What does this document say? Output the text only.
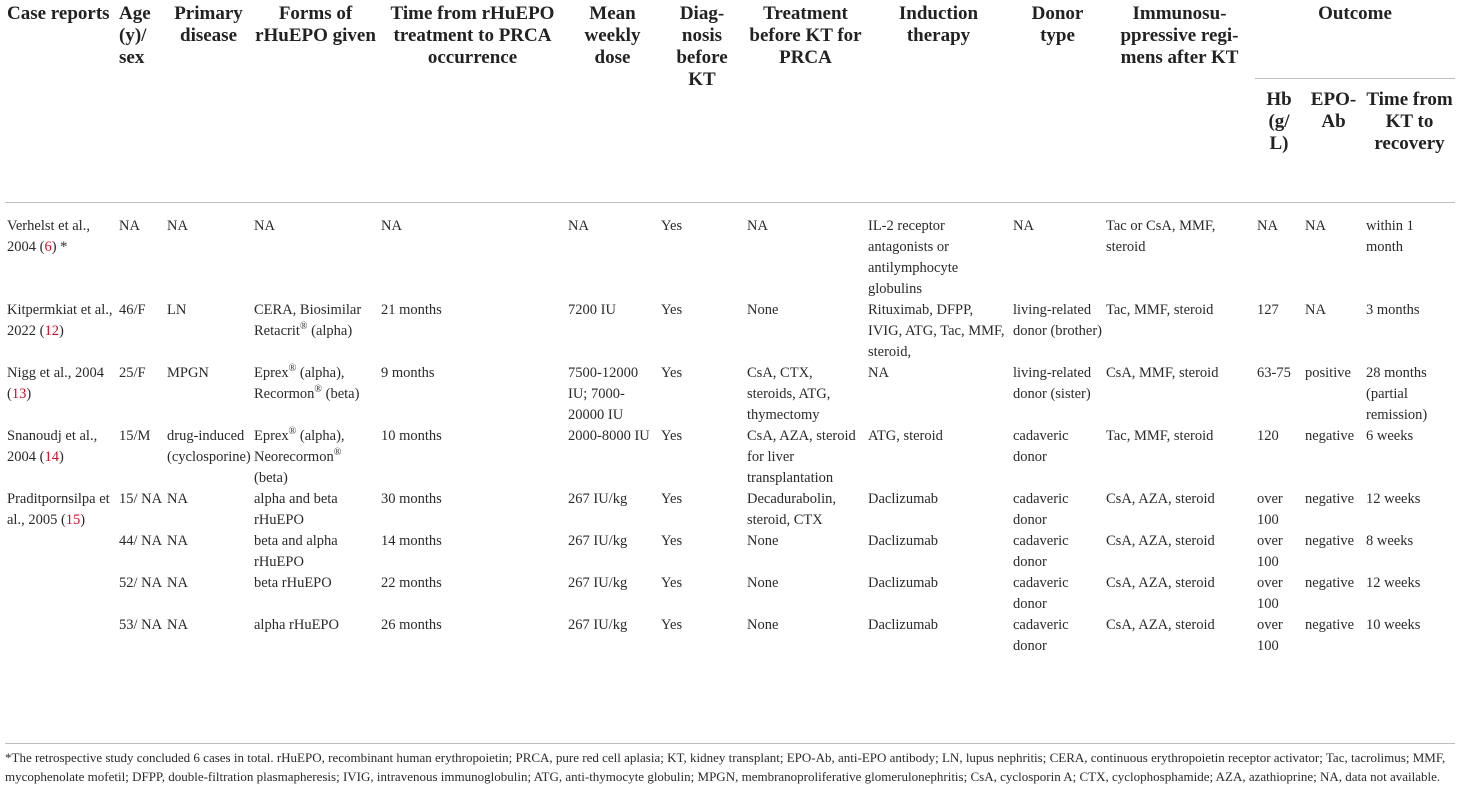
Case reports	Age (y)/ sex	Primary disease	Forms of rHuEPO given	Time from rHuEPO treatment to PRCA occurrence	Mean weekly dose	Diag-nosis before KT	Treatment before KT for PRCA	Induction therapy	Donor type	Immunosu-ppressive regi-mens after KT	Outcome		
											Hb (g/ L)	EPO-Ab	Time from KT to recovery
Verhelst et al., 2004 (6) *	NA	NA	NA	NA	NA	Yes	NA	IL-2 receptor antagonists or antilymphocyte globulins	NA	Tac or CsA, MMF, steroid	NA	NA	within 1 month
Kitpermkiat et al., 2022 (12)	46/F	LN	CERA, Biosimilar Retacrit® (alpha)	21 months	7200 IU	Yes	None	Rituximab, DFPP, IVIG, ATG, Tac, MMF, steroid,	living-related donor (brother)	Tac, MMF, steroid	127	NA	3 months
Nigg et al., 2004 (13)	25/F	MPGN	Eprex® (alpha), Recormon® (beta)	9 months	7500-12000 IU; 7000-20000 IU	Yes	CsA, CTX, steroids, ATG, thymectomy	NA	living-related donor (sister)	CsA, MMF, steroid	63-75	positive	28 months (partial remission)
Snanoudj et al., 2004 (14)	15/M	drug-induced (cyclosporine)	Eprex® (alpha), Neorecormon® (beta)	10 months	2000-8000 IU	Yes	CsA, AZA, steroid for liver transplantation	ATG, steroid	cadaveric donor	Tac, MMF, steroid	120	negative	6 weeks
Praditpornsilpa et al., 2005 (15)	15/ NA	NA	alpha and beta rHuEPO	30 months	267 IU/kg	Yes	Decadurabolin, steroid, CTX	Daclizumab	cadaveric donor	CsA, AZA, steroid	over 100	negative	12 weeks
	44/ NA	NA	beta and alpha rHuEPO	14 months	267 IU/kg	Yes	None	Daclizumab	cadaveric donor	CsA, AZA, steroid	over 100	negative	8 weeks
	52/ NA	NA	beta rHuEPO	22 months	267 IU/kg	Yes	None	Daclizumab	cadaveric donor	CsA, AZA, steroid	over 100	negative	12 weeks
	53/ NA	NA	alpha rHuEPO	26 months	267 IU/kg	Yes	None	Daclizumab	cadaveric donor	CsA, AZA, steroid	over 100	negative	10 weeks
*The retrospective study concluded 6 cases in total. rHuEPO, recombinant human erythropoietin; PRCA, pure red cell aplasia; KT, kidney transplant; EPO-Ab, anti-EPO antibody; LN, lupus nephritis; CERA, continuous erythropoietin receptor activator; Tac, tacrolimus; MMF, mycophenolate mofetil; DFPP, double-filtration plasmapheresis; IVIG, intravenous immunoglobulin; ATG, anti-thymocyte globulin; MPGN, membranoproliferative glomerulonephritis; CsA, cyclosporin A; CTX, cyclophosphamide; AZA, azathioprine; NA, data not available.
